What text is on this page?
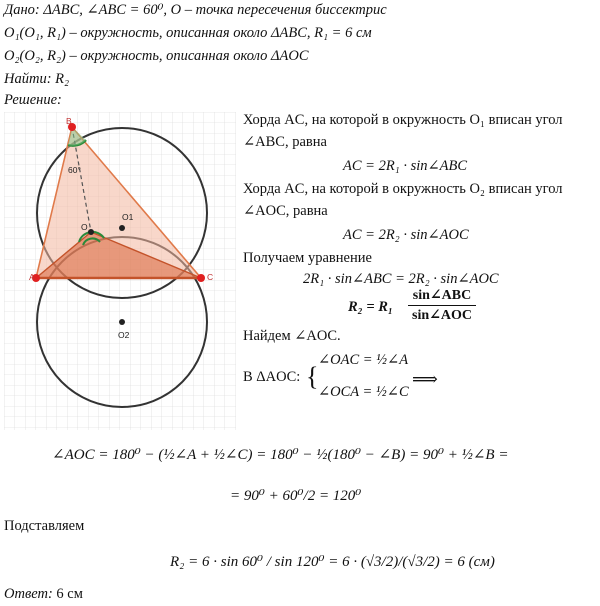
Дано: ΔABC, ∠ABC = 60⁰, O – точка пересечения биссектрис
O₁(O₁, R₁) – окружность, описанная около ΔABC, R₁ = 6 см
O₂(O₂, R₂) – окружность, описанная около ΔAOC
Найти: R₂
Решение:
B
A	C
O
O1
O2
60°
Хорда AC, на которой в окружность O₁ вписан угол
∠ABC, равна
AC = 2R₁ · sin∠ABC
Хорда AC, на которой в окружность O₂ вписан угол
∠AOC, равна
AC = 2R₂ · sin∠AOC
Получаем уравнение
2R₁ · sin∠ABC = 2R₂ · sin∠AOC
R₂ = R₁
sin∠ABC
sin∠AOC
Найдем ∠AOC.
В ΔAOC: {
∠OAC = ½∠A
∠OCA = ½∠C
⟹
∠AOC = 180⁰ − (½∠A + ½∠C) = 180⁰ − ½(180⁰ − ∠B) = 90⁰ + ½∠B =
= 90⁰ + 60⁰/2 = 120⁰
Подставляем
R₂ = 6 · sin 60⁰ / sin 120⁰ = 6 · (√3/2)/(√3/2) = 6 (см)
Ответ: 6 см
